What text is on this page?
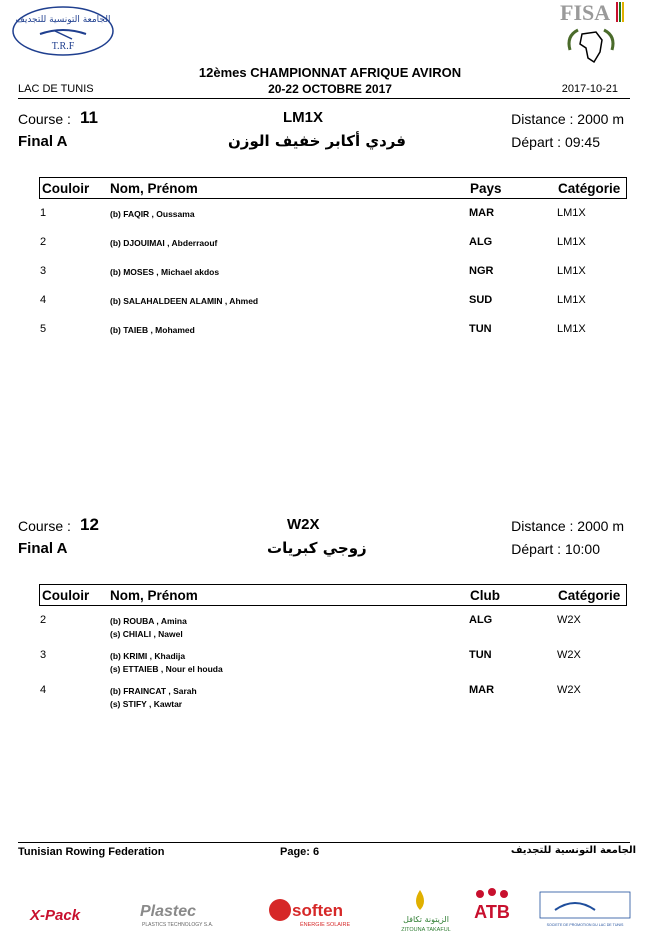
الجامعة التونسية للتجديف
T.R.F
FISA
12èmes CHAMPIONNAT AFRIQUE AVIRON
LAC DE TUNIS	20-22 OCTOBRE 2017	2017-10-21
Course : 11	LM1X	Distance : 2000 m
Final A	فردي أكابر خفيف الوزن	Départ : 09:45
Couloir Nom, Prénom	Pays	Catégorie
1	(b) FAQIR , Oussama	MAR	LM1X
2	(b) DJOUIMAI , Abderraouf	ALG	LM1X
3	(b) MOSES , Michael akdos	NGR	LM1X
4	(b) SALAHALDEEN ALAMIN , Ahmed	SUD	LM1X
5	(b) TAIEB , Mohamed	TUN	LM1X
Course : 12	W2X	Distance : 2000 m
Final A	زوجي كبريات	Départ : 10:00
Couloir Nom, Prénom	Club	Catégorie
2	(b) ROUBA , Amina
(s) CHIALI , Nawel
ALG	W2X
3	(b) KRIMI , Khadija
(s) ETTAIEB , Nour el houda
TUN	W2X
4	(b) FRAINCAT , Sarah
(s) STIFY , Kawtar
MAR	W2X
Tunisian Rowing Federation	Page: 6	الجامعة التونسية للتجديف
X-Pack	Plastec
PLASTICS TECHNOLOGY S.A.
soften
ÉNERGIE SOLAIRE
الزيتونة تكافل
ZITOUNA TAKAFUL
ATB
SOCIETE DE PROMOTION DU LAC DE TUNIS
